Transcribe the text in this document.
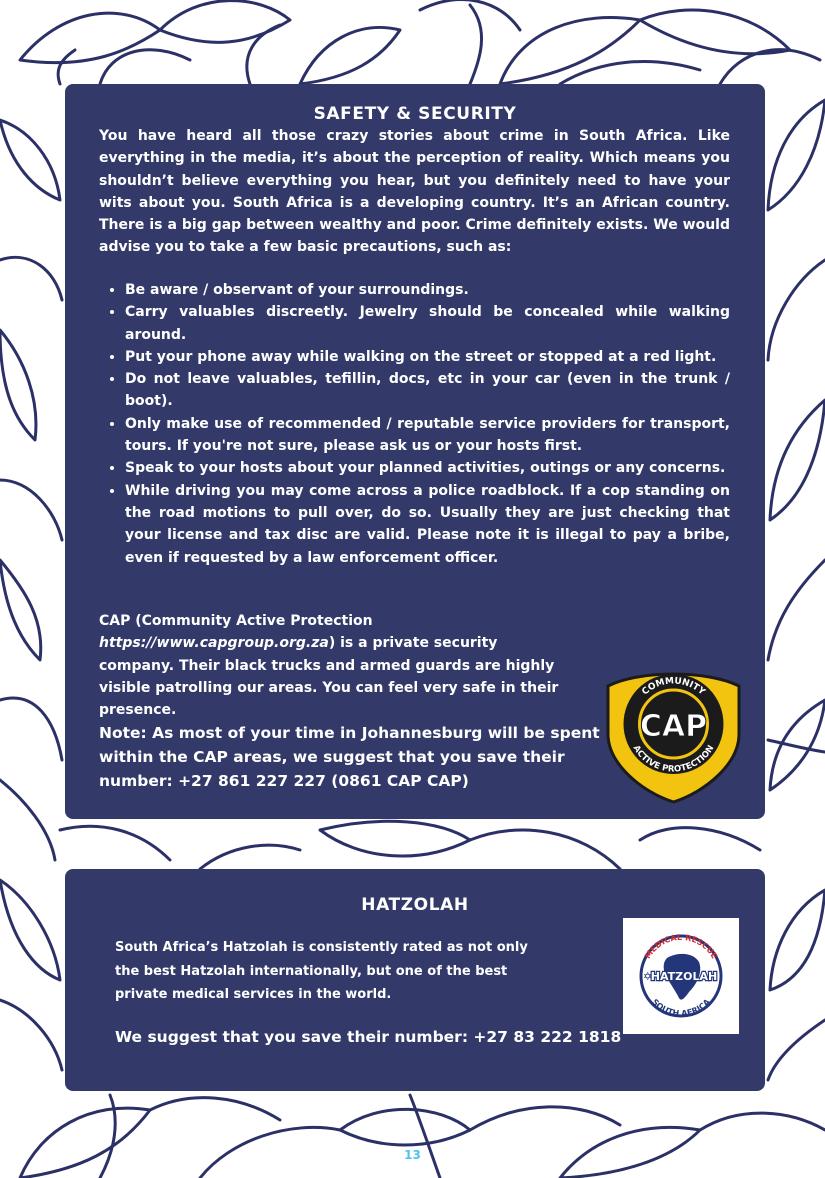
SAFETY & SECURITY

You have heard all those crazy stories about crime in South Africa. Like everything in the media, it’s about the perception of reality. Which means you shouldn’t believe everything you hear, but you definitely need to have your wits about you. South Africa is a developing country. It’s an African country. There is a big gap between wealthy and poor. Crime definitely exists. We would advise you to take a few basic precautions, such as:

• Be aware / observant of your surroundings.
• Carry valuables discreetly. Jewelry should be concealed while walking around.
• Put your phone away while walking on the street or stopped at a red light.
• Do not leave valuables, tefillin, docs, etc in your car (even in the trunk / boot).
• Only make use of recommended / reputable service providers for transport, tours. If you're not sure, please ask us or your hosts first.
• Speak to your hosts about your planned activities, outings or any concerns.
• While driving you may come across a police roadblock. If a cop standing on the road motions to pull over, do so. Usually they are just checking that your license and tax disc are valid. Please note it is illegal to pay a bribe, even if requested by a law enforcement officer.

CAP (Community Active Protection https://www.capgroup.org.za) is a private security company. Their black trucks and armed guards are highly visible patrolling our areas. You can feel very safe in their presence.

Note: As most of your time in Johannesburg will be spent within the CAP areas, we suggest that you save their number: +27 861 227 227 (0861 CAP CAP)

COMMUNITY
ACTIVE PROTECTION
CAP
HATZOLAH

South Africa’s Hatzolah is consistently rated as not only the best Hatzolah internationally, but one of the best private medical services in the world.

We suggest that you save their number: +27 83 222 1818

MEDICAL RESCUE
SOUTH AFRICA
✡
HATZOLAH
13
